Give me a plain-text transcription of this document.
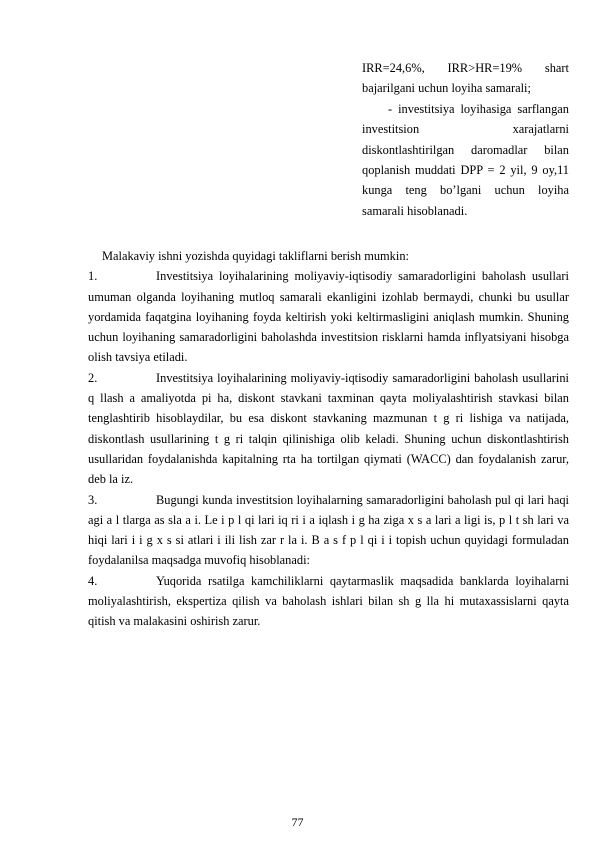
IRR=24,6%, IRR>HR=19% shart bajarilgani uchun loyiha samarali;

- investitsiya loyihasiga sarflangan investitsion xarajatlarni diskontlashtirilgan daromadlar bilan qoplanish muddati DPP = 2 yil, 9 oy,11 kunga teng bo’lgani uchun loyiha samarali hisoblanadi.

Malakaviy ishni yozishda quyidagi takliflarni berish mumkin:

1.	Investitsiya loyihalarining moliyaviy-iqtisodiy samaradorligini baholash usullari umuman olganda loyihaning mutloq samarali ekanligini izohlab bermaydi, chunki bu usullar yordamida faqatgina loyihaning foyda keltirish yoki keltirmasligini aniqlash mumkin. Shuning uchun loyihaning samaradorligini baholashda investitsion risklarni hamda inflyatsiyani hisobga olish tavsiya etiladi.

2.	Investitsiya loyihalarining moliyaviy-iqtisodiy samaradorligini baholash usullarini q llash a amaliyotda pi ha, diskont stavkani taxminan qayta moliyalashtirish stavkasi bilan tenglashtirib hisoblaydilar, bu esa diskont stavkaning mazmunan t g ri lishiga va natijada, diskontlash usullarining t g ri talqin qilinishiga olib keladi. Shuning uchun diskontlashtirish usullaridan foydalanishda kapitalning rta ha tortilgan qiymati (WACC) dan foydalanish zarur, deb la iz.

3.	Bugungi kunda investitsion loyihalarning samaradorligini baholash pul qi lari haqi agi a l tlarga as sla a i. Le i p l qi lari iq ri i a iqlash i g ha ziga x s a lari a ligi is, p l t sh lari va hiqi lari i i g x s si atlari i ili lish zar r la i. B a s f p l qi i i topish uchun quyidagi formuladan foydalanilsa maqsadga muvofiq hisoblanadi:

4.	Yuqorida rsatilga kamchiliklarni qaytarmaslik maqsadida banklarda loyihalarni moliyalashtirish, ekspertiza qilish va baholash ishlari bilan sh g lla hi mutaxassislarni qayta qitish va malakasini oshirish zarur.

77
